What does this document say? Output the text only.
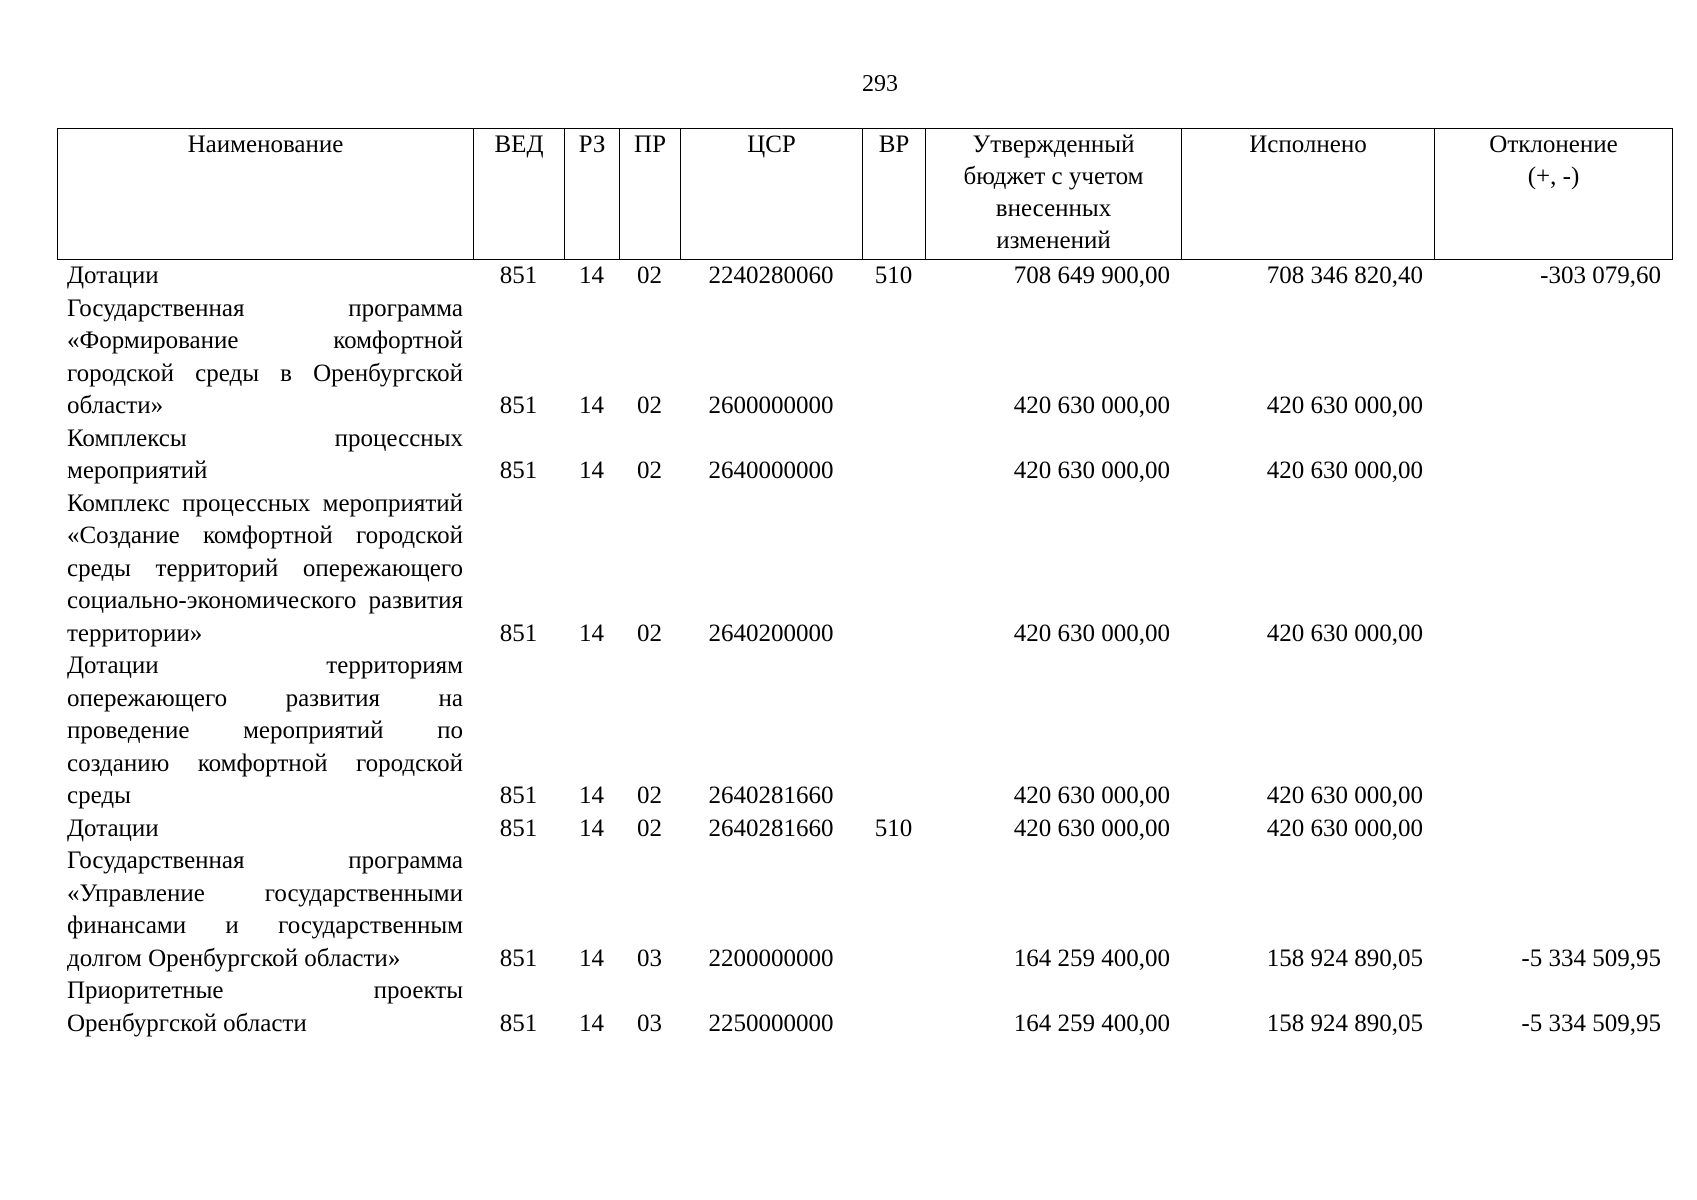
293
Наименование	ВЕД	РЗ	ПР	ЦСР	ВР	Утвержденный бюджет с учетом внесенных изменений	Исполнено	Отклонение (+, -)
Дотации	851	14	02	2240280060	510	708 649 900,00	708 346 820,40	-303 079,60
Государственная программа «Формирование комфортной городской среды в Оренбургской области»	851	14	02	2600000000		420 630 000,00	420 630 000,00	
Комплексы процессных мероприятий	851	14	02	2640000000		420 630 000,00	420 630 000,00	
Комплекс процессных мероприятий «Создание комфортной городской среды территорий опережающего социально-экономического развития территории»	851	14	02	2640200000		420 630 000,00	420 630 000,00	
Дотации территориям опережающего развития на проведение мероприятий по созданию комфортной городской среды	851	14	02	2640281660		420 630 000,00	420 630 000,00	
Дотации	851	14	02	2640281660	510	420 630 000,00	420 630 000,00	
Государственная программа «Управление государственными финансами и государственным долгом Оренбургской области»	851	14	03	2200000000		164 259 400,00	158 924 890,05	-5 334 509,95
Приоритетные проекты Оренбургской области	851	14	03	2250000000		164 259 400,00	158 924 890,05	-5 334 509,95
